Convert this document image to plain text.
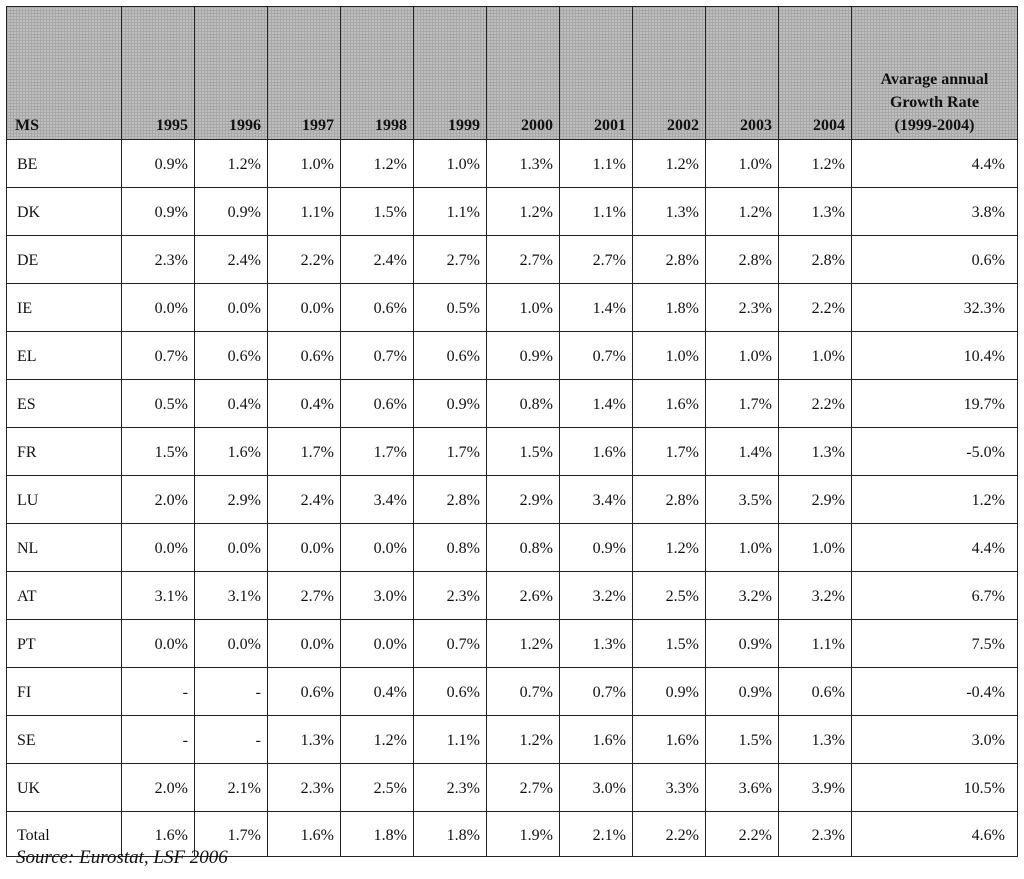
MS	1995	1996	1997	1998	1999	2000	2001	2002	2003	2004	Avarage annual
Growth Rate
(1999-2004)

BE	0.9%	1.2%	1.0%	1.2%	1.0%	1.3%	1.1%	1.2%	1.0%	1.2%	4.4%
DK	0.9%	0.9%	1.1%	1.5%	1.1%	1.2%	1.1%	1.3%	1.2%	1.3%	3.8%
DE	2.3%	2.4%	2.2%	2.4%	2.7%	2.7%	2.7%	2.8%	2.8%	2.8%	0.6%
IE	0.0%	0.0%	0.0%	0.6%	0.5%	1.0%	1.4%	1.8%	2.3%	2.2%	32.3%
EL	0.7%	0.6%	0.6%	0.7%	0.6%	0.9%	0.7%	1.0%	1.0%	1.0%	10.4%
ES	0.5%	0.4%	0.4%	0.6%	0.9%	0.8%	1.4%	1.6%	1.7%	2.2%	19.7%
FR	1.5%	1.6%	1.7%	1.7%	1.7%	1.5%	1.6%	1.7%	1.4%	1.3%	-5.0%
LU	2.0%	2.9%	2.4%	3.4%	2.8%	2.9%	3.4%	2.8%	3.5%	2.9%	1.2%
NL	0.0%	0.0%	0.0%	0.0%	0.8%	0.8%	0.9%	1.2%	1.0%	1.0%	4.4%
AT	3.1%	3.1%	2.7%	3.0%	2.3%	2.6%	3.2%	2.5%	3.2%	3.2%	6.7%
PT	0.0%	0.0%	0.0%	0.0%	0.7%	1.2%	1.3%	1.5%	0.9%	1.1%	7.5%
FI	-	-	0.6%	0.4%	0.6%	0.7%	0.7%	0.9%	0.9%	0.6%	-0.4%
SE	-	-	1.3%	1.2%	1.1%	1.2%	1.6%	1.6%	1.5%	1.3%	3.0%
UK	2.0%	2.1%	2.3%	2.5%	2.3%	2.7%	3.0%	3.3%	3.6%	3.9%	10.5%
Total	1.6%	1.7%	1.6%	1.8%	1.8%	1.9%	2.1%	2.2%	2.2%	2.3%	4.6%
Source: Eurostat, LSF 2006
